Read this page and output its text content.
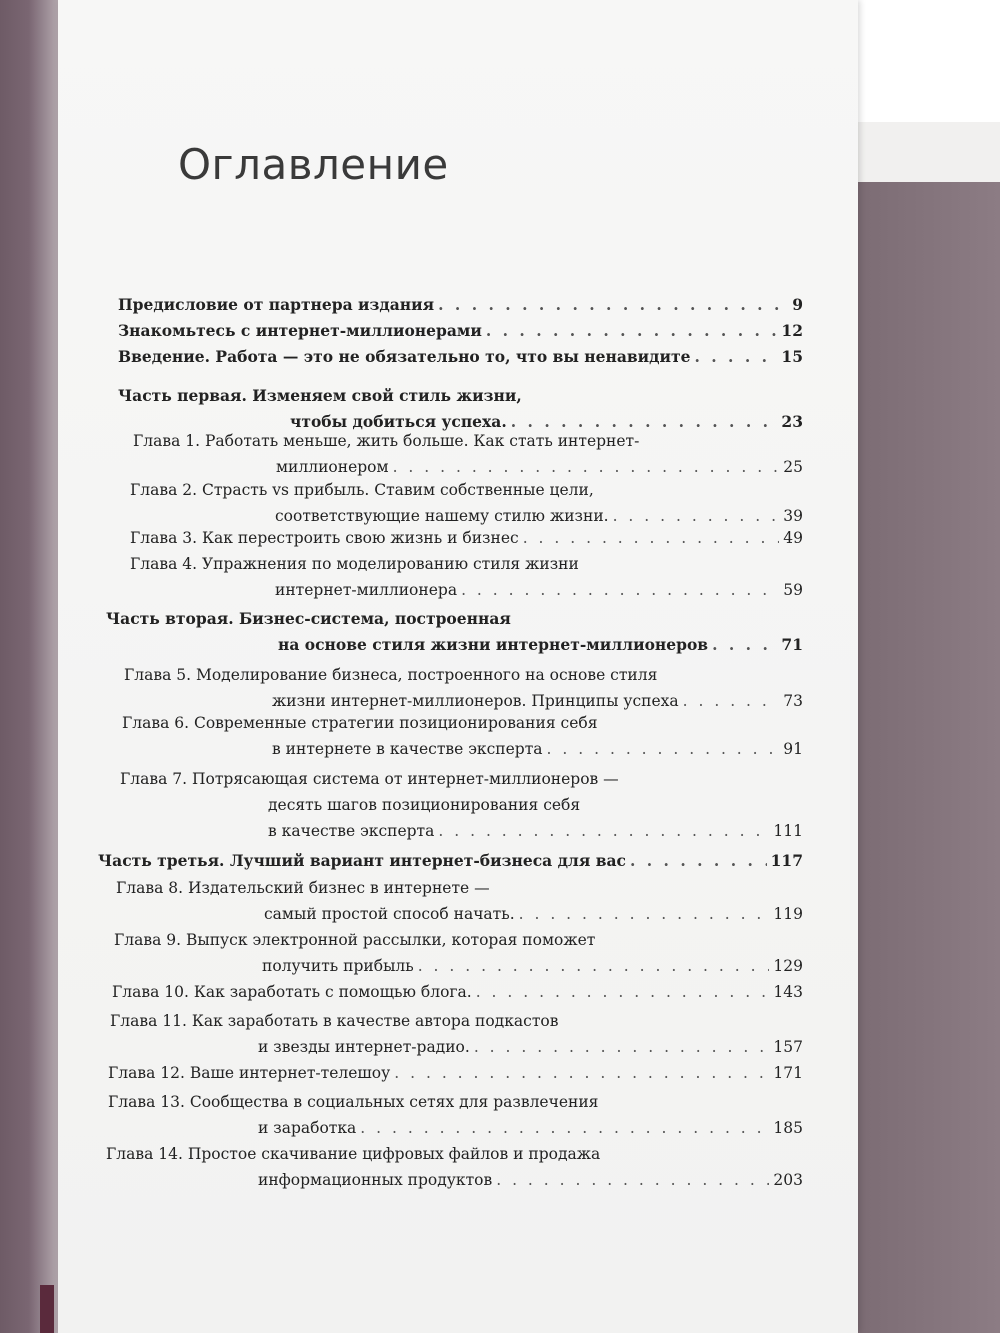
Оглавление
Предисловие от партнера издания . . .	9
Знакомьтесь с интернет-миллионерами . . .	12
Введение. Работа — это не обязательно то, что вы ненавидите . . .	15
Часть первая. Изменяем свой стиль жизни,
чтобы добиться успеха. . . .	23
Глава 1. Работать меньше, жить больше. Как стать интернет-
миллионером . . .	25
Глава 2. Страсть vs прибыль. Ставим собственные цели,
соответствующие нашему стилю жизни. . . .	39
Глава 3. Как перестроить свою жизнь и бизнес . . .	49
Глава 4. Упражнения по моделированию стиля жизни
интернет-миллионера . . .	59
Часть вторая. Бизнес-система, построенная
на основе стиля жизни интернет-миллионеров . . .	71
Глава 5. Моделирование бизнеса, построенного на основе стиля
жизни интернет-миллионеров. Принципы успеха . . .	73
Глава 6. Современные стратегии позиционирования себя
в интернете в качестве эксперта . . .	91
Глава 7. Потрясающая система от интернет-миллионеров —
десять шагов позиционирования себя
в качестве эксперта . . .	111
Часть третья. Лучший вариант интернет-бизнеса для вас . . .	117
Глава 8. Издательский бизнес в интернете —
самый простой способ начать. . . .	119
Глава 9. Выпуск электронной рассылки, которая поможет
получить прибыль . . .	129
Глава 10. Как заработать с помощью блога. . . .	143
Глава 11. Как заработать в качестве автора подкастов
и звезды интернет-радио. . . .	157
Глава 12. Ваше интернет-телешоу . . .	171
Глава 13. Сообщества в социальных сетях для развлечения
и заработка . . .	185
Глава 14. Простое скачивание цифровых файлов и продажа
информационных продуктов . . .	203
